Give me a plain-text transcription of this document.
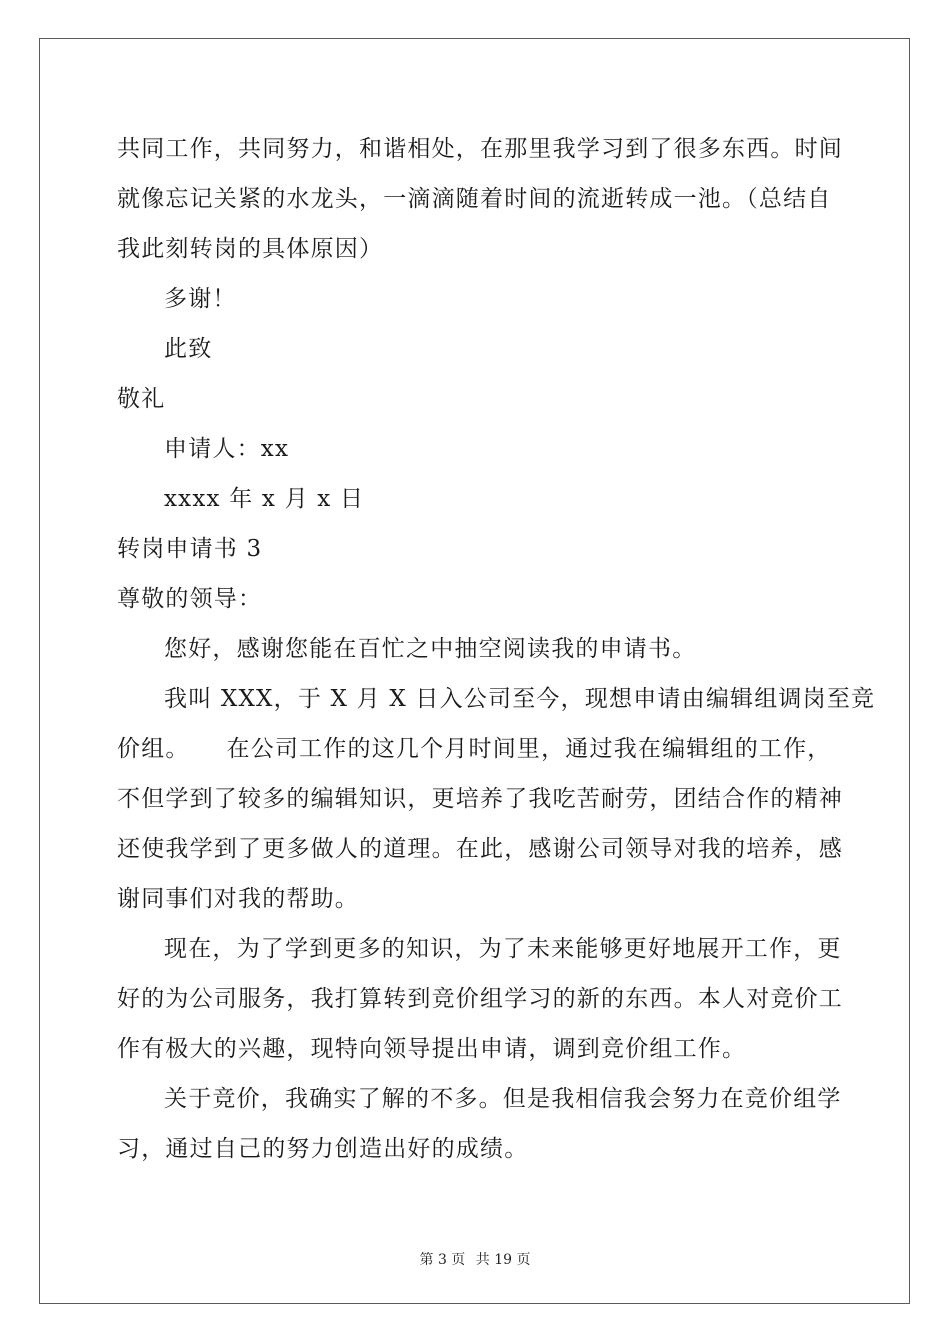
共同工作，共同努力，和谐相处，在那里我学习到了很多东西。时间
就像忘记关紧的水龙头，一滴滴随着时间的流逝转成一池。（总结自
我此刻转岗的具体原因）
多谢！
此致
敬礼
申请人：xx
xxxx 年 x 月 x 日
转岗申请书 3
尊敬的领导：
您好，感谢您能在百忙之中抽空阅读我的申请书。
我叫 XXX，于 X 月 X 日入公司至今，现想申请由编辑组调岗至竞
价组。　　在公司工作的这几个月时间里，通过我在编辑组的工作，
不但学到了较多的编辑知识，更培养了我吃苦耐劳，团结合作的精神
还使我学到了更多做人的道理。在此，感谢公司领导对我的培养，感
谢同事们对我的帮助。
现在，为了学到更多的知识，为了未来能够更好地展开工作，更
好的为公司服务，我打算转到竞价组学习的新的东西。本人对竞价工
作有极大的兴趣，现特向领导提出申请，调到竞价组工作。
关于竞价，我确实了解的不多。但是我相信我会努力在竞价组学
习，通过自己的努力创造出好的成绩。
第 3 页 共 19 页
